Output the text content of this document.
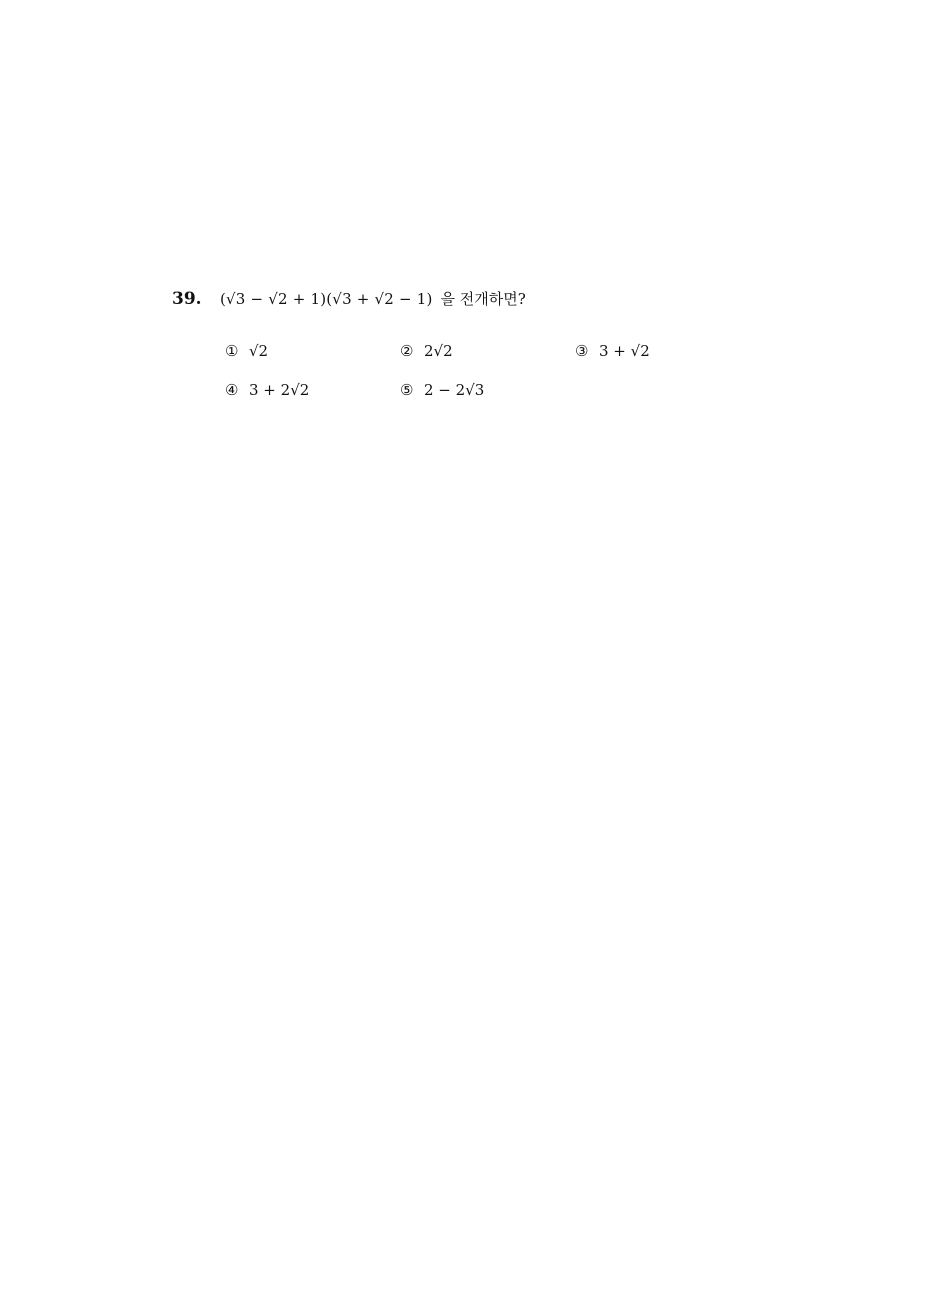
39. (√3 − √2 + 1)(√3 + √2 − 1) 을 전개하면?
① √2	② 2√2	③ 3 + √2
④ 3 + 2√2	⑤ 2 − 2√3
